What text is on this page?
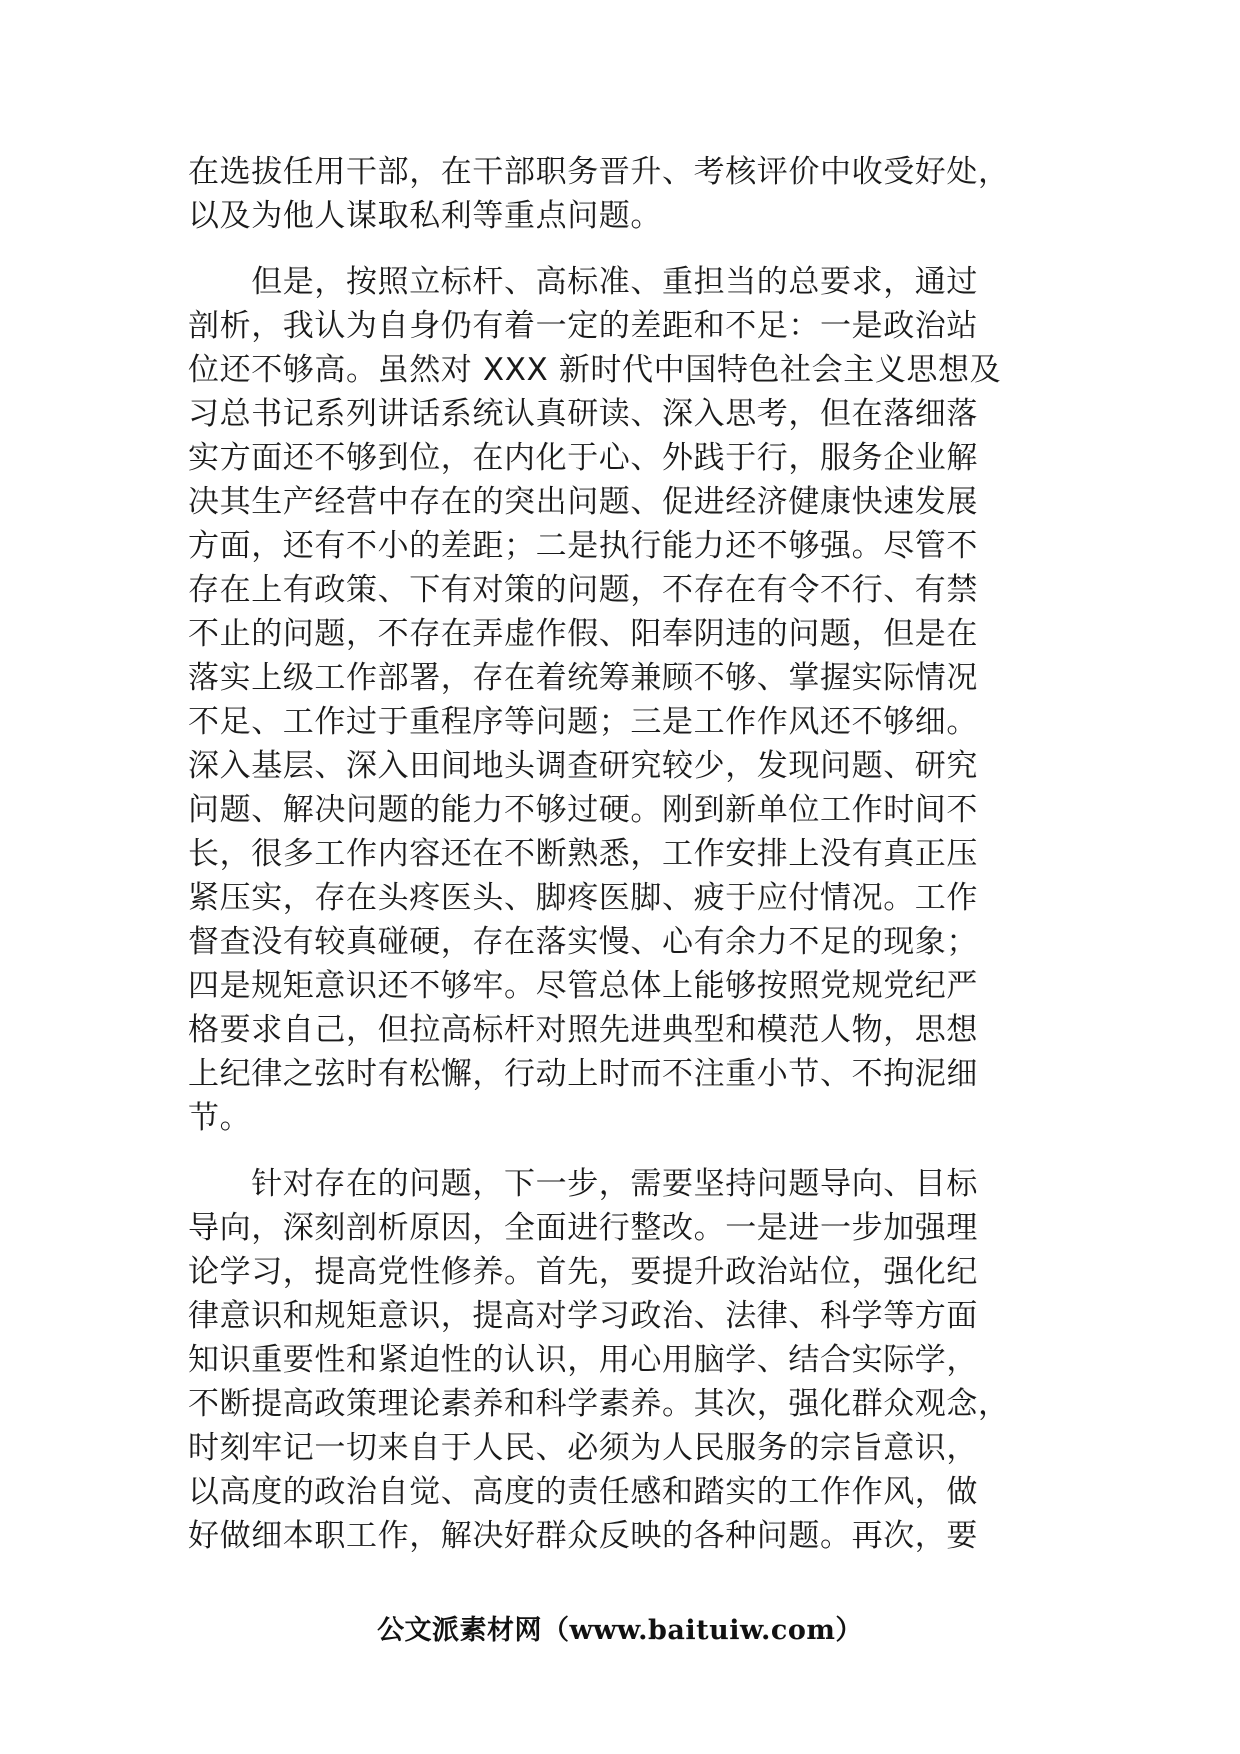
在选拔任用干部，在干部职务晋升、考核评价中收受好处，
以及为他人谋取私利等重点问题。

　　但是，按照立标杆、高标准、重担当的总要求，通过
剖析，我认为自身仍有着一定的差距和不足：一是政治站
位还不够高。虽然对 XXX 新时代中国特色社会主义思想及
习总书记系列讲话系统认真研读、深入思考，但在落细落
实方面还不够到位，在内化于心、外践于行，服务企业解
决其生产经营中存在的突出问题、促进经济健康快速发展
方面，还有不小的差距；二是执行能力还不够强。尽管不
存在上有政策、下有对策的问题，不存在有令不行、有禁
不止的问题，不存在弄虚作假、阳奉阴违的问题，但是在
落实上级工作部署，存在着统筹兼顾不够、掌握实际情况
不足、工作过于重程序等问题；三是工作作风还不够细。
深入基层、深入田间地头调查研究较少，发现问题、研究
问题、解决问题的能力不够过硬。刚到新单位工作时间不
长，很多工作内容还在不断熟悉，工作安排上没有真正压
紧压实，存在头疼医头、脚疼医脚、疲于应付情况。工作
督查没有较真碰硬，存在落实慢、心有余力不足的现象；
四是规矩意识还不够牢。尽管总体上能够按照党规党纪严
格要求自己，但拉高标杆对照先进典型和模范人物，思想
上纪律之弦时有松懈，行动上时而不注重小节、不拘泥细
节。

　　针对存在的问题，下一步，需要坚持问题导向、目标
导向，深刻剖析原因，全面进行整改。一是进一步加强理
论学习，提高党性修养。首先，要提升政治站位，强化纪
律意识和规矩意识，提高对学习政治、法律、科学等方面
知识重要性和紧迫性的认识，用心用脑学、结合实际学，
不断提高政策理论素养和科学素养。其次，强化群众观念，
时刻牢记一切来自于人民、必须为人民服务的宗旨意识，
以高度的政治自觉、高度的责任感和踏实的工作作风，做
好做细本职工作，解决好群众反映的各种问题。再次，要

公文派素材网（www.baituiw.com）
